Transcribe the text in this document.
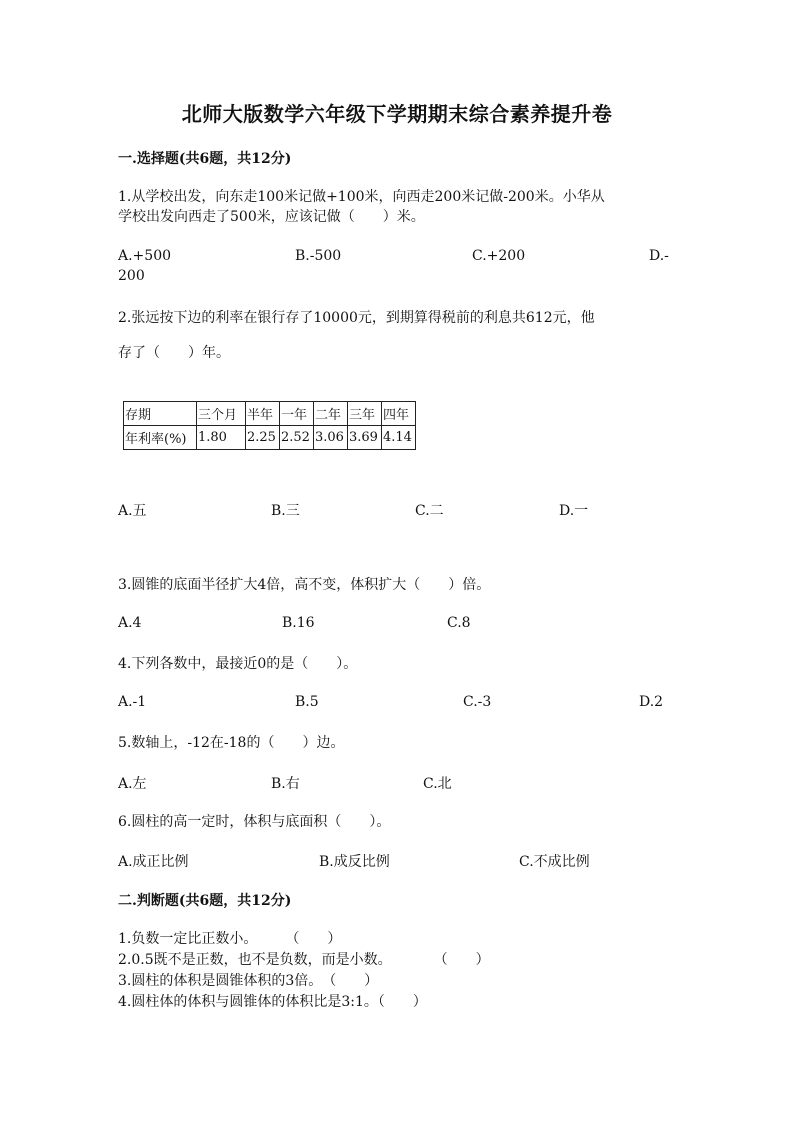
北师大版数学六年级下学期期末综合素养提升卷
一.选择题(共6题，共12分)
1.从学校出发，向东走100米记做+100米，向西走200米记做-200米。小华从
学校出发向西走了500米，应该记做（　　）米。
A.+500	B.-500	C.+200	D.-
200
2.张远按下边的利率在银行存了10000元，到期算得税前的利息共612元，他
存了（　　）年。
存期	三个月	半年	一年	二年	三年	四年
年利率(%)	1.80	2.25	2.52	3.06	3.69	4.14
A.五	B.三	C.二	D.一
3.圆锥的底面半径扩大4倍，高不变，体积扩大（　　）倍。
A.4	B.16	C.8
4.下列各数中，最接近0的是（　　）。
A.-1	B.5	C.-3	D.2
5.数轴上，-12在-18的（　　）边。
A.左	B.右	C.北
6.圆柱的高一定时，体积与底面积（　　）。
A.成正比例	B.成反比例	C.不成比例
二.判断题(共6题，共12分)
1.负数一定比正数小。　　　（　　）
2.0.5既不是正数，也不是负数，而是小数。　　　　（　　）
3.圆柱的体积是圆锥体积的3倍。　（　　）
4.圆柱体的体积与圆锥体的体积比是3:1。（　　）
